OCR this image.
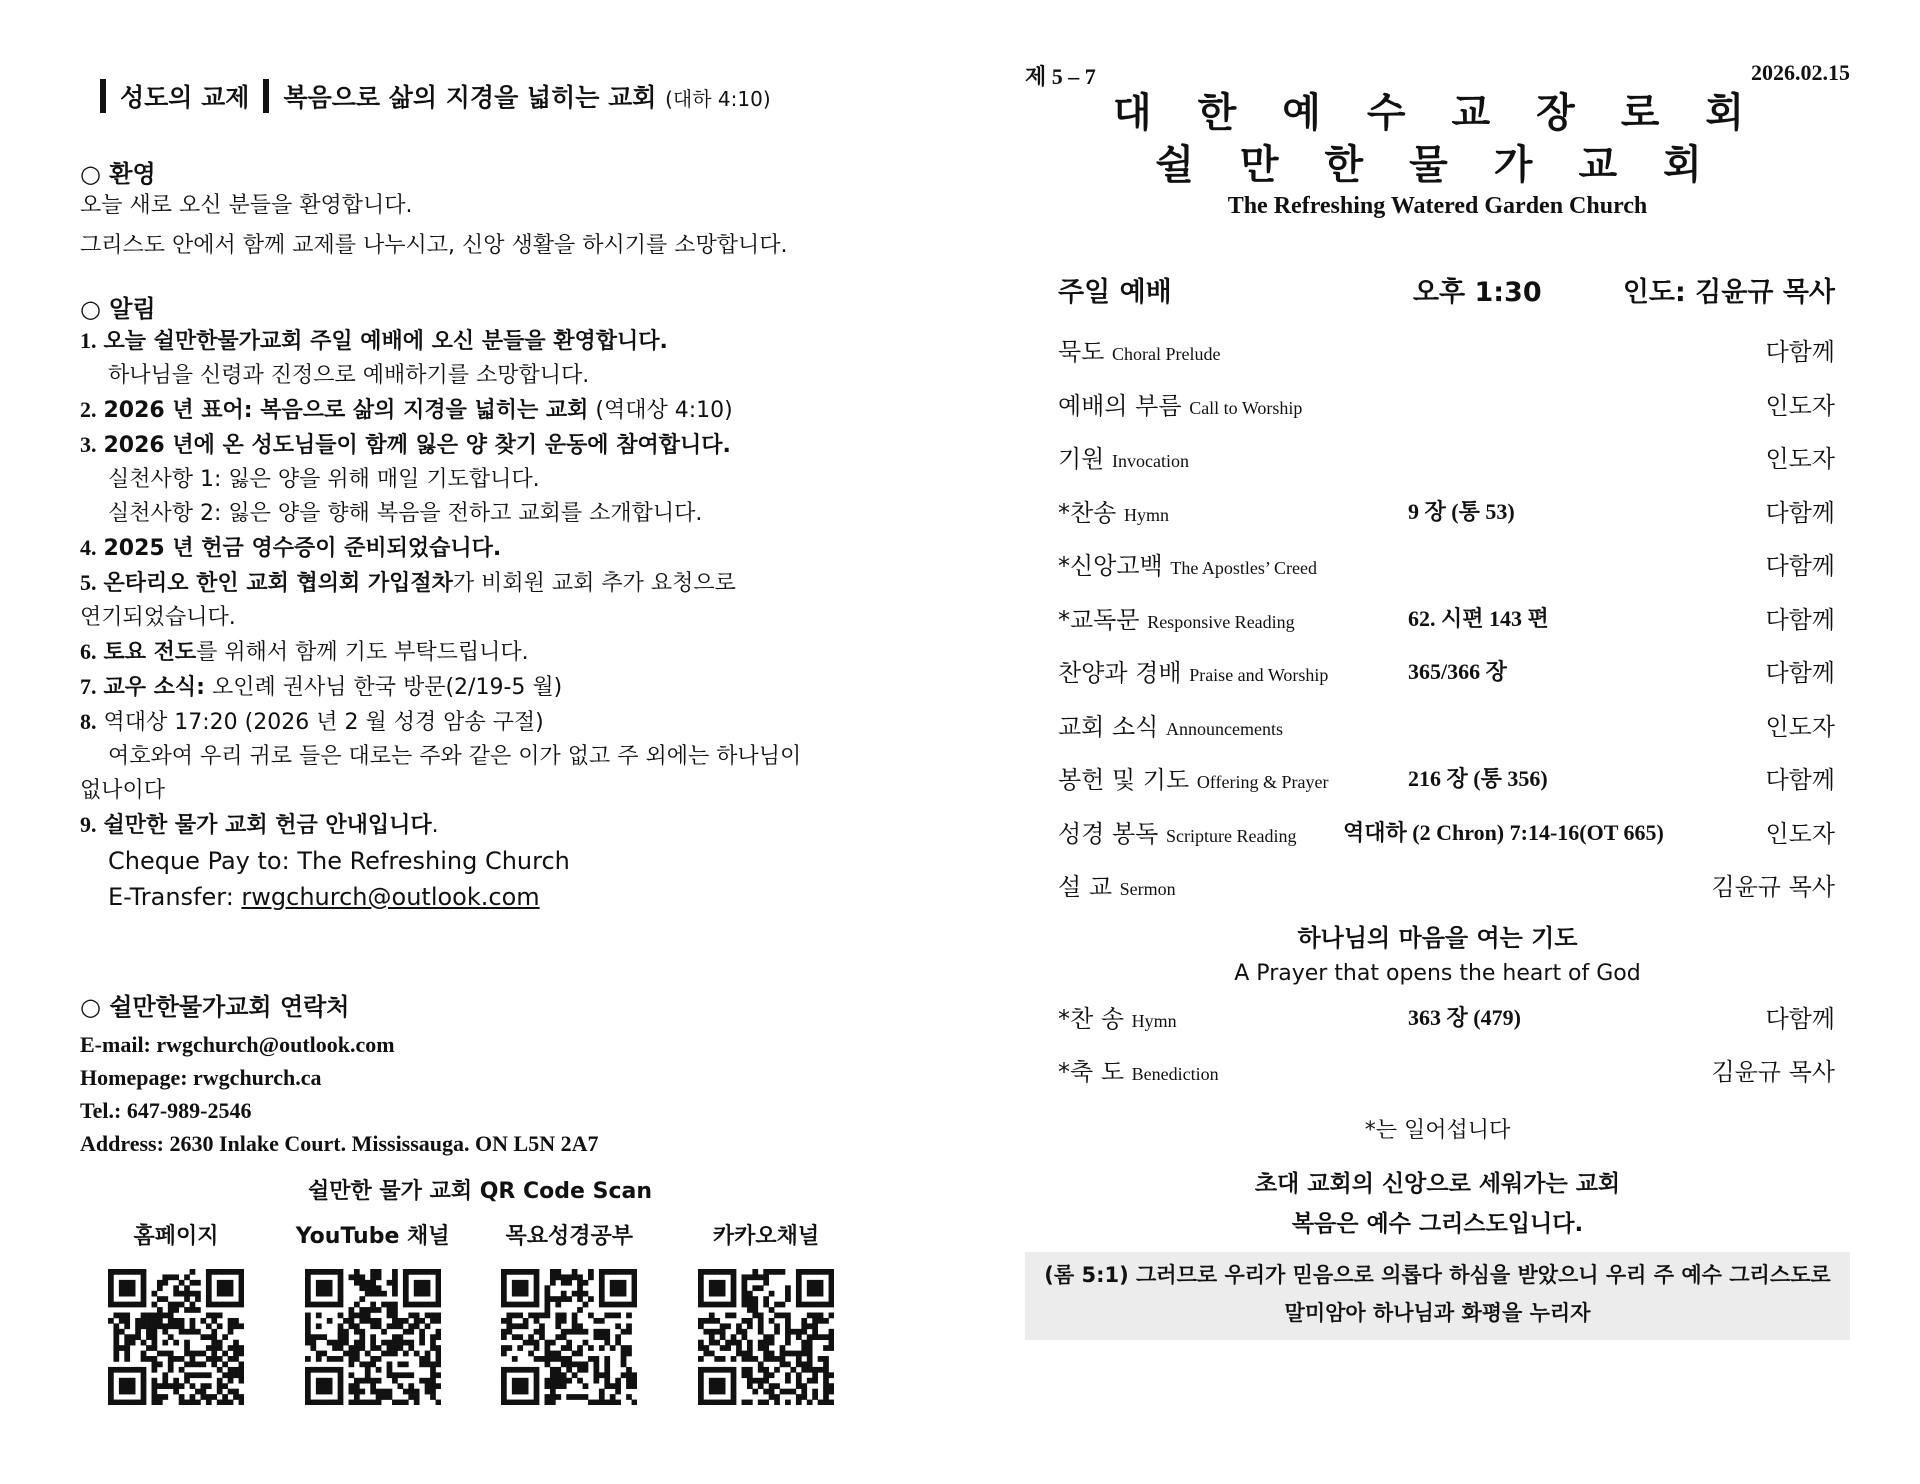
성도의 교제 복음으로 삶의 지경을 넓히는 교회 (대하 4:10)
○ 환영
오늘 새로 오신 분들을 환영합니다.
그리스도 안에서 함께 교제를 나누시고, 신앙 생활을 하시기를 소망합니다.
○ 알림
1. 오늘 쉴만한물가교회 주일 예배에 오신 분들을 환영합니다.
하나님을 신령과 진정으로 예배하기를 소망합니다.
2. 2026 년 표어: 복음으로 삶의 지경을 넓히는 교회 (역대상 4:10)
3. 2026 년에 온 성도님들이 함께 잃은 양 찾기 운동에 참여합니다.
실천사항 1: 잃은 양을 위해 매일 기도합니다.
실천사항 2: 잃은 양을 향해 복음을 전하고 교회를 소개합니다.
4. 2025 년 헌금 영수증이 준비되었습니다.
5. 온타리오 한인 교회 협의회 가입절차가 비회원 교회 추가 요청으로
연기되었습니다.
6. 토요 전도를 위해서 함께 기도 부탁드립니다.
7. 교우 소식: 오인례 권사님 한국 방문(2/19-5 월)
8. 역대상 17:20 (2026 년 2 월 성경 암송 구절)
여호와여 우리 귀로 들은 대로는 주와 같은 이가 없고 주 외에는 하나님이
없나이다
9. 쉴만한 물가 교회 헌금 안내입니다.
Cheque Pay to: The Refreshing Church
E-Transfer: rwgchurch@outlook.com
○ 쉴만한물가교회 연락처
E-mail: rwgchurch@outlook.com
Homepage: rwgchurch.ca
Tel.: 647-989-2546
Address: 2630 Inlake Court. Mississauga. ON L5N 2A7
쉴만한 물가 교회 QR Code Scan
홈페이지	YouTube 채널	목요성경공부	카카오채널
제 5 – 7	2026.02.15
대 한 예 수 교 장 로 회
쉴 만 한 물 가 교 회
The Refreshing Watered Garden Church
주일 예배	오후 1:30	인도: 김윤규 목사
묵도 Choral Prelude	다함께
예배의 부름 Call to Worship	인도자
기원 Invocation	인도자
*찬송 Hymn	9 장 (통 53)	다함께
*신앙고백 The Apostles’ Creed	다함께
*교독문 Responsive Reading	62. 시편 143 편	다함께
찬양과 경배 Praise and Worship	365/366 장	다함께
교회 소식 Announcements	인도자
봉헌 및 기도 Offering & Prayer	216 장 (통 356)	다함께
성경 봉독 Scripture Reading	역대하 (2 Chron) 7:14-16(OT 665)	인도자
설 교 Sermon	김윤규 목사
하나님의 마음을 여는 기도
A Prayer that opens the heart of God
*찬 송 Hymn	363 장 (479)	다함께
*축 도 Benediction	김윤규 목사
*는 일어섭니다
초대 교회의 신앙으로 세워가는 교회
복음은 예수 그리스도입니다.
(롬 5:1) 그러므로 우리가 믿음으로 의롭다 하심을 받았으니 우리 주 예수 그리스도로
말미암아 하나님과 화평을 누리자
